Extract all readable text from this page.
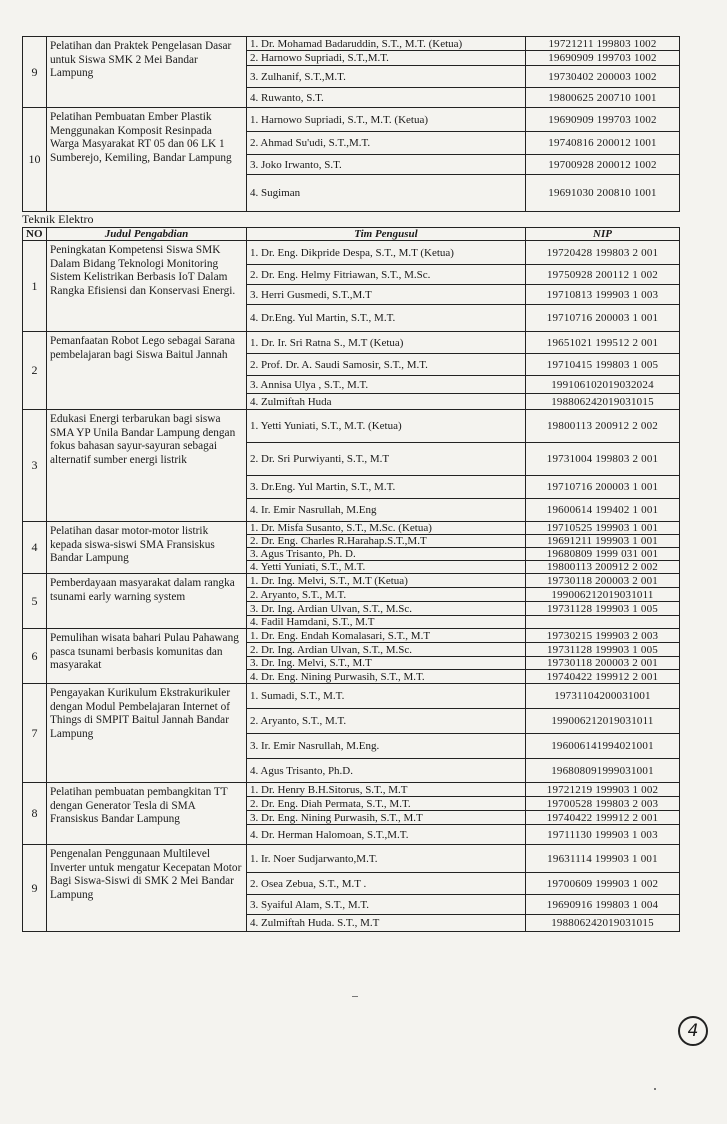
9	Pelatihan dan Praktek Pengelasan Dasar untuk Siswa SMK 2 Mei Bandar Lampung	1. Dr. Mohamad Badaruddin, S.T., M.T. (Ketua)	19721211 199803 1002
		2. Harnowo Supriadi, S.T.,M.T.	19690909 199703 1002
		3. Zulhanif, S.T.,M.T.	19730402 200003 1002
		4. Ruwanto, S.T.	19800625 200710 1001
10	Pelatihan Pembuatan Ember Plastik Menggunakan Komposit Resinpada Warga Masyarakat RT 05 dan 06 LK 1 Sumberejo, Kemiling, Bandar Lampung	1. Harnowo Supriadi, S.T., M.T. (Ketua)	19690909 199703 1002
		2. Ahmad Su'udi, S.T.,M.T.	19740816 200012 1001
		3. Joko Irwanto, S.T.	19700928 200012 1002
		4. Sugiman	19691030 200810 1001
Teknik Elektro
NO	Judul Pengabdian	Tim Pengusul	NIP
1	Peningkatan Kompetensi Siswa SMK Dalam Bidang Teknologi Monitoring Sistem Kelistrikan Berbasis IoT Dalam Rangka Efisiensi dan Konservasi Energi.	1. Dr. Eng. Dikpride Despa, S.T., M.T (Ketua)	19720428 199803 2 001
		2. Dr. Eng. Helmy Fitriawan, S.T., M.Sc.	19750928 200112 1 002
		3. Herri Gusmedi, S.T.,M.T	19710813 199903 1 003
		4. Dr.Eng. Yul Martin, S.T., M.T.	19710716 200003 1 001
2	Pemanfaatan Robot Lego sebagai Sarana pembelajaran bagi Siswa Baitul Jannah	1. Dr. Ir. Sri Ratna S., M.T (Ketua)	19651021 199512 2 001
		2. Prof. Dr. A. Saudi Samosir, S.T., M.T.	19710415 199803 1 005
		3. Annisa Ulya , S.T., M.T.	199106102019032024
		4. Zulmiftah Huda	198806242019031015
3	Edukasi Energi terbarukan bagi siswa SMA YP Unila Bandar Lampung dengan fokus bahasan sayur-sayuran sebagai alternatif sumber energi listrik	1. Yetti Yuniati, S.T., M.T. (Ketua)	19800113 200912 2 002
		2. Dr. Sri Purwiyanti, S.T., M.T	19731004 199803 2 001
		3. Dr.Eng. Yul Martin, S.T., M.T.	19710716 200003 1 001
		4. Ir. Emir Nasrullah, M.Eng	19600614 199402 1 001
4	Pelatihan dasar motor-motor listrik kepada siswa-siswi SMA Fransiskus Bandar Lampung	1. Dr. Misfa Susanto, S.T., M.Sc. (Ketua)	19710525 199903 1 001
		2. Dr. Eng. Charles R.Harahap.S.T.,M.T	19691211 199903 1 001
		3. Agus Trisanto, Ph. D.	19680809 1999 031 001
		4. Yetti Yuniati, S.T., M.T.	19800113 200912 2 002
5	Pemberdayaan masyarakat dalam rangka tsunami early warning system	1. Dr. Ing. Melvi, S.T., M.T (Ketua)	19730118 200003 2 001
		2. Aryanto, S.T., M.T.	199006212019031011
		3. Dr. Ing. Ardian Ulvan, S.T., M.Sc.	19731128 199903 1 005
		4. Fadil Hamdani, S.T., M.T	
6	Pemulihan wisata bahari Pulau Pahawang pasca tsunami berbasis komunitas dan masyarakat	1. Dr. Eng. Endah Komalasari, S.T., M.T	19730215 199903 2 003
		2. Dr. Ing. Ardian Ulvan, S.T., M.Sc.	19731128 199903 1 005
		3. Dr. Ing. Melvi, S.T., M.T	19730118 200003 2 001
		4. Dr. Eng. Nining Purwasih, S.T., M.T.	19740422 199912 2 001
7	Pengayakan Kurikulum Ekstrakurikuler dengan Modul Pembelajaran Internet of Things di SMPIT Baitul Jannah Bandar Lampung	1. Sumadi, S.T., M.T.	19731104200031001
		2. Aryanto, S.T., M.T.	199006212019031011
		3. Ir. Emir Nasrullah, M.Eng.	196006141994021001
		4. Agus Trisanto, Ph.D.	196808091999031001
8	Pelatihan pembuatan pembangkitan TT dengan Generator Tesla di SMA Fransiskus Bandar Lampung	1. Dr. Henry B.H.Sitorus, S.T., M.T	19721219 199903 1 002
		2. Dr. Eng. Diah Permata, S.T., M.T.	19700528 199803 2 003
		3. Dr. Eng. Nining Purwasih, S.T., M.T	19740422 199912 2 001
		4. Dr. Herman Halomoan, S.T.,M.T.	19711130 199903 1 003
9	Pengenalan Penggunaan Multilevel Inverter untuk mengatur Kecepatan Motor Bagi Siswa-Siswi di SMK 2 Mei Bandar Lampung	1. Ir. Noer Sudjarwanto,M.T.	19631114 199903 1 001
		2. Osea Zebua, S.T., M.T .	19700609 199903 1 002
		3. Syaiful Alam, S.T., M.T.	19690916 199803 1 004
		4. Zulmiftah Huda. S.T., M.T	198806242019031015
4
